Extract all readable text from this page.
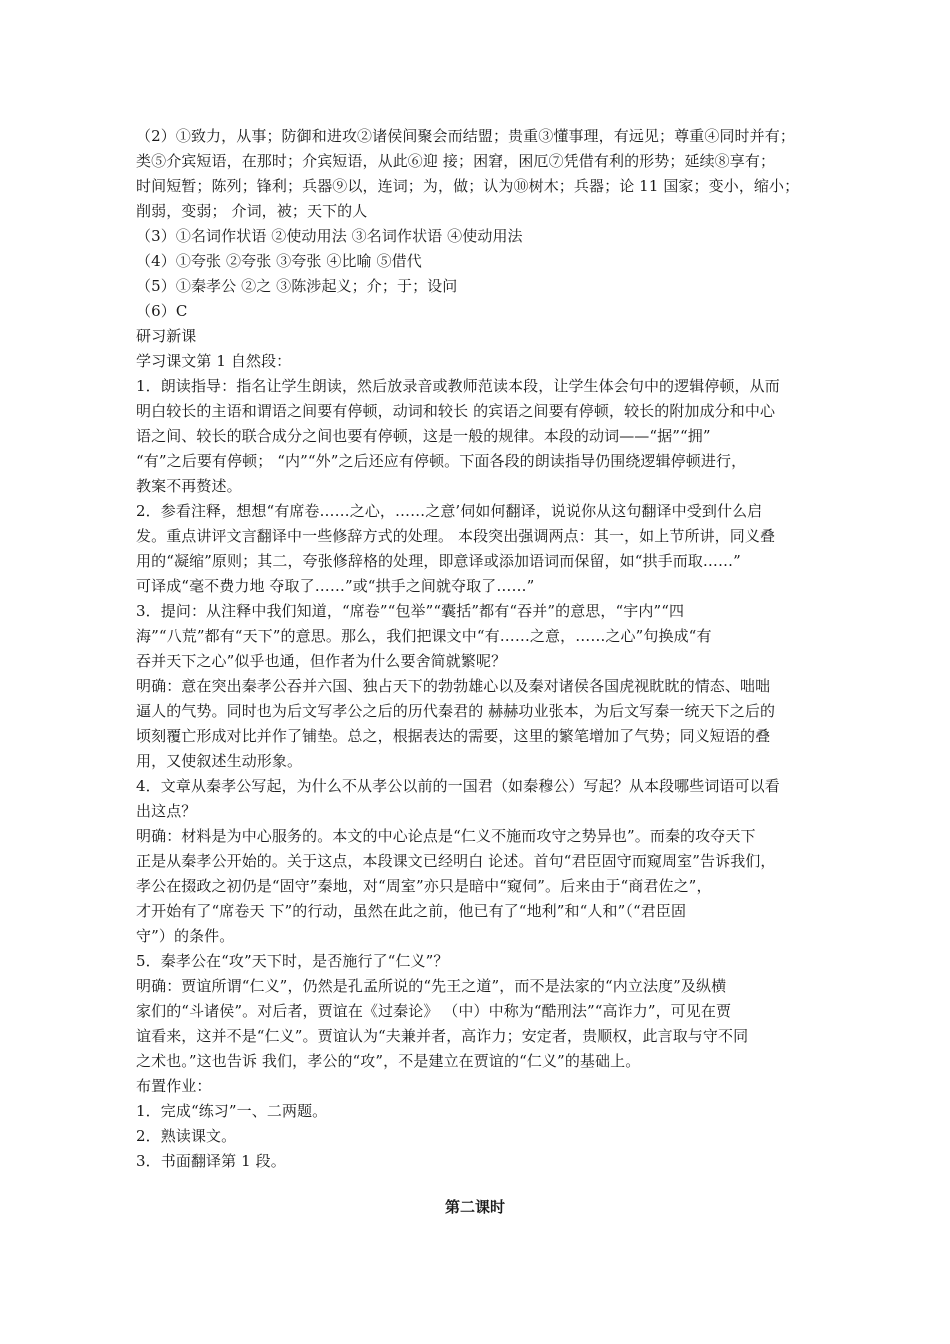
（2）①致力，从事；防御和进攻②诸侯间聚会而结盟；贵重③懂事理，有远见；尊重④同时并有；
类⑤介宾短语，在那时；介宾短语，从此⑥迎 接；困窘，困厄⑦凭借有利的形势；延续⑧享有；
时间短暂；陈列；锋利；兵器⑨以，连词；为，做；认为⑩树木；兵器；论 11 国家；变小，缩小；
削弱，变弱； 介词，被；天下的人
（3）①名词作状语 ②使动用法 ③名词作状语 ④使动用法
（4）①夸张 ②夸张 ③夸张 ④比喻 ⑤借代
（5）①秦孝公 ②之 ③陈涉起义；介；于；设问
（6）C
研习新课
学习课文第 1 自然段：
1．朗读指导：指名让学生朗读，然后放录音或教师范读本段，让学生体会句中的逻辑停顿，从而
明白较长的主语和谓语之间要有停顿，动词和较长 的宾语之间要有停顿，较长的附加成分和中心
语之间、较长的联合成分之间也要有停顿，这是一般的规律。本段的动词——“据”“拥”
“有”之后要有停顿； “内”“外”之后还应有停顿。下面各段的朗读指导仍围绕逻辑停顿进行，
教案不再赘述。
2．参看注释，想想“有席卷……之心，……之意’伺如何翻译，说说你从这句翻译中受到什么启
发。重点讲评文言翻译中一些修辞方式的处理。 本段突出强调两点：其一，如上节所讲，同义叠
用的“凝缩”原则；其二，夸张修辞格的处理，即意译或添加语词而保留，如“拱手而取……”
可译成“毫不费力地 夺取了……”或“拱手之间就夺取了……”
3．提问：从注释中我们知道，“席卷”“包举”“囊括”都有“吞并”的意思，“宇内”“四
海”“八荒”都有“天下”的意思。那么，我们把课文中“有……之意，……之心”句换成“有
吞并天下之心”似乎也通，但作者为什么要舍简就繁呢？
明确：意在突出秦孝公吞并六国、独占天下的勃勃雄心以及秦对诸侯各国虎视眈眈的情态、咄咄
逼人的气势。同时也为后文写孝公之后的历代秦君的 赫赫功业张本，为后文写秦一统天下之后的
顷刻覆亡形成对比并作了铺垫。总之，根据表达的需要，这里的繁笔增加了气势；同义短语的叠
用，又使叙述生动形象。
4．文章从秦孝公写起，为什么不从孝公以前的一国君（如秦穆公）写起？从本段哪些词语可以看
出这点？
明确：材料是为中心服务的。本文的中心论点是“仁义不施而攻守之势异也”。而秦的攻夺天下
正是从秦孝公开始的。关于这点，本段课文已经明白 论述。首句“君臣固守而窥周室”告诉我们，
孝公在掇政之初仍是“固守”秦地，对“周室”亦只是暗中“窥伺”。后来由于“商君佐之”，
才开始有了“席卷天 下”的行动，虽然在此之前，他已有了“地利”和“人和”（“君臣固
守”）的条件。
5．秦孝公在“攻”天下时，是否施行了“仁义”？
明确：贾谊所谓“仁义”，仍然是孔孟所说的“先王之道”，而不是法家的“内立法度”及纵横
家们的“斗诸侯”。对后者，贾谊在《过秦论》 （中）中称为“酷刑法”“高诈力”，可见在贾
谊看来，这并不是“仁义”。贾谊认为“夫兼并者，高诈力；安定者，贵顺权，此言取与守不同
之术也。”这也告诉 我们，孝公的“攻”，不是建立在贾谊的“仁义”的基础上。
布置作业：
1．完成“练习”一、二两题。
2．熟读课文。
3．书面翻译第 1 段。
第二课时
